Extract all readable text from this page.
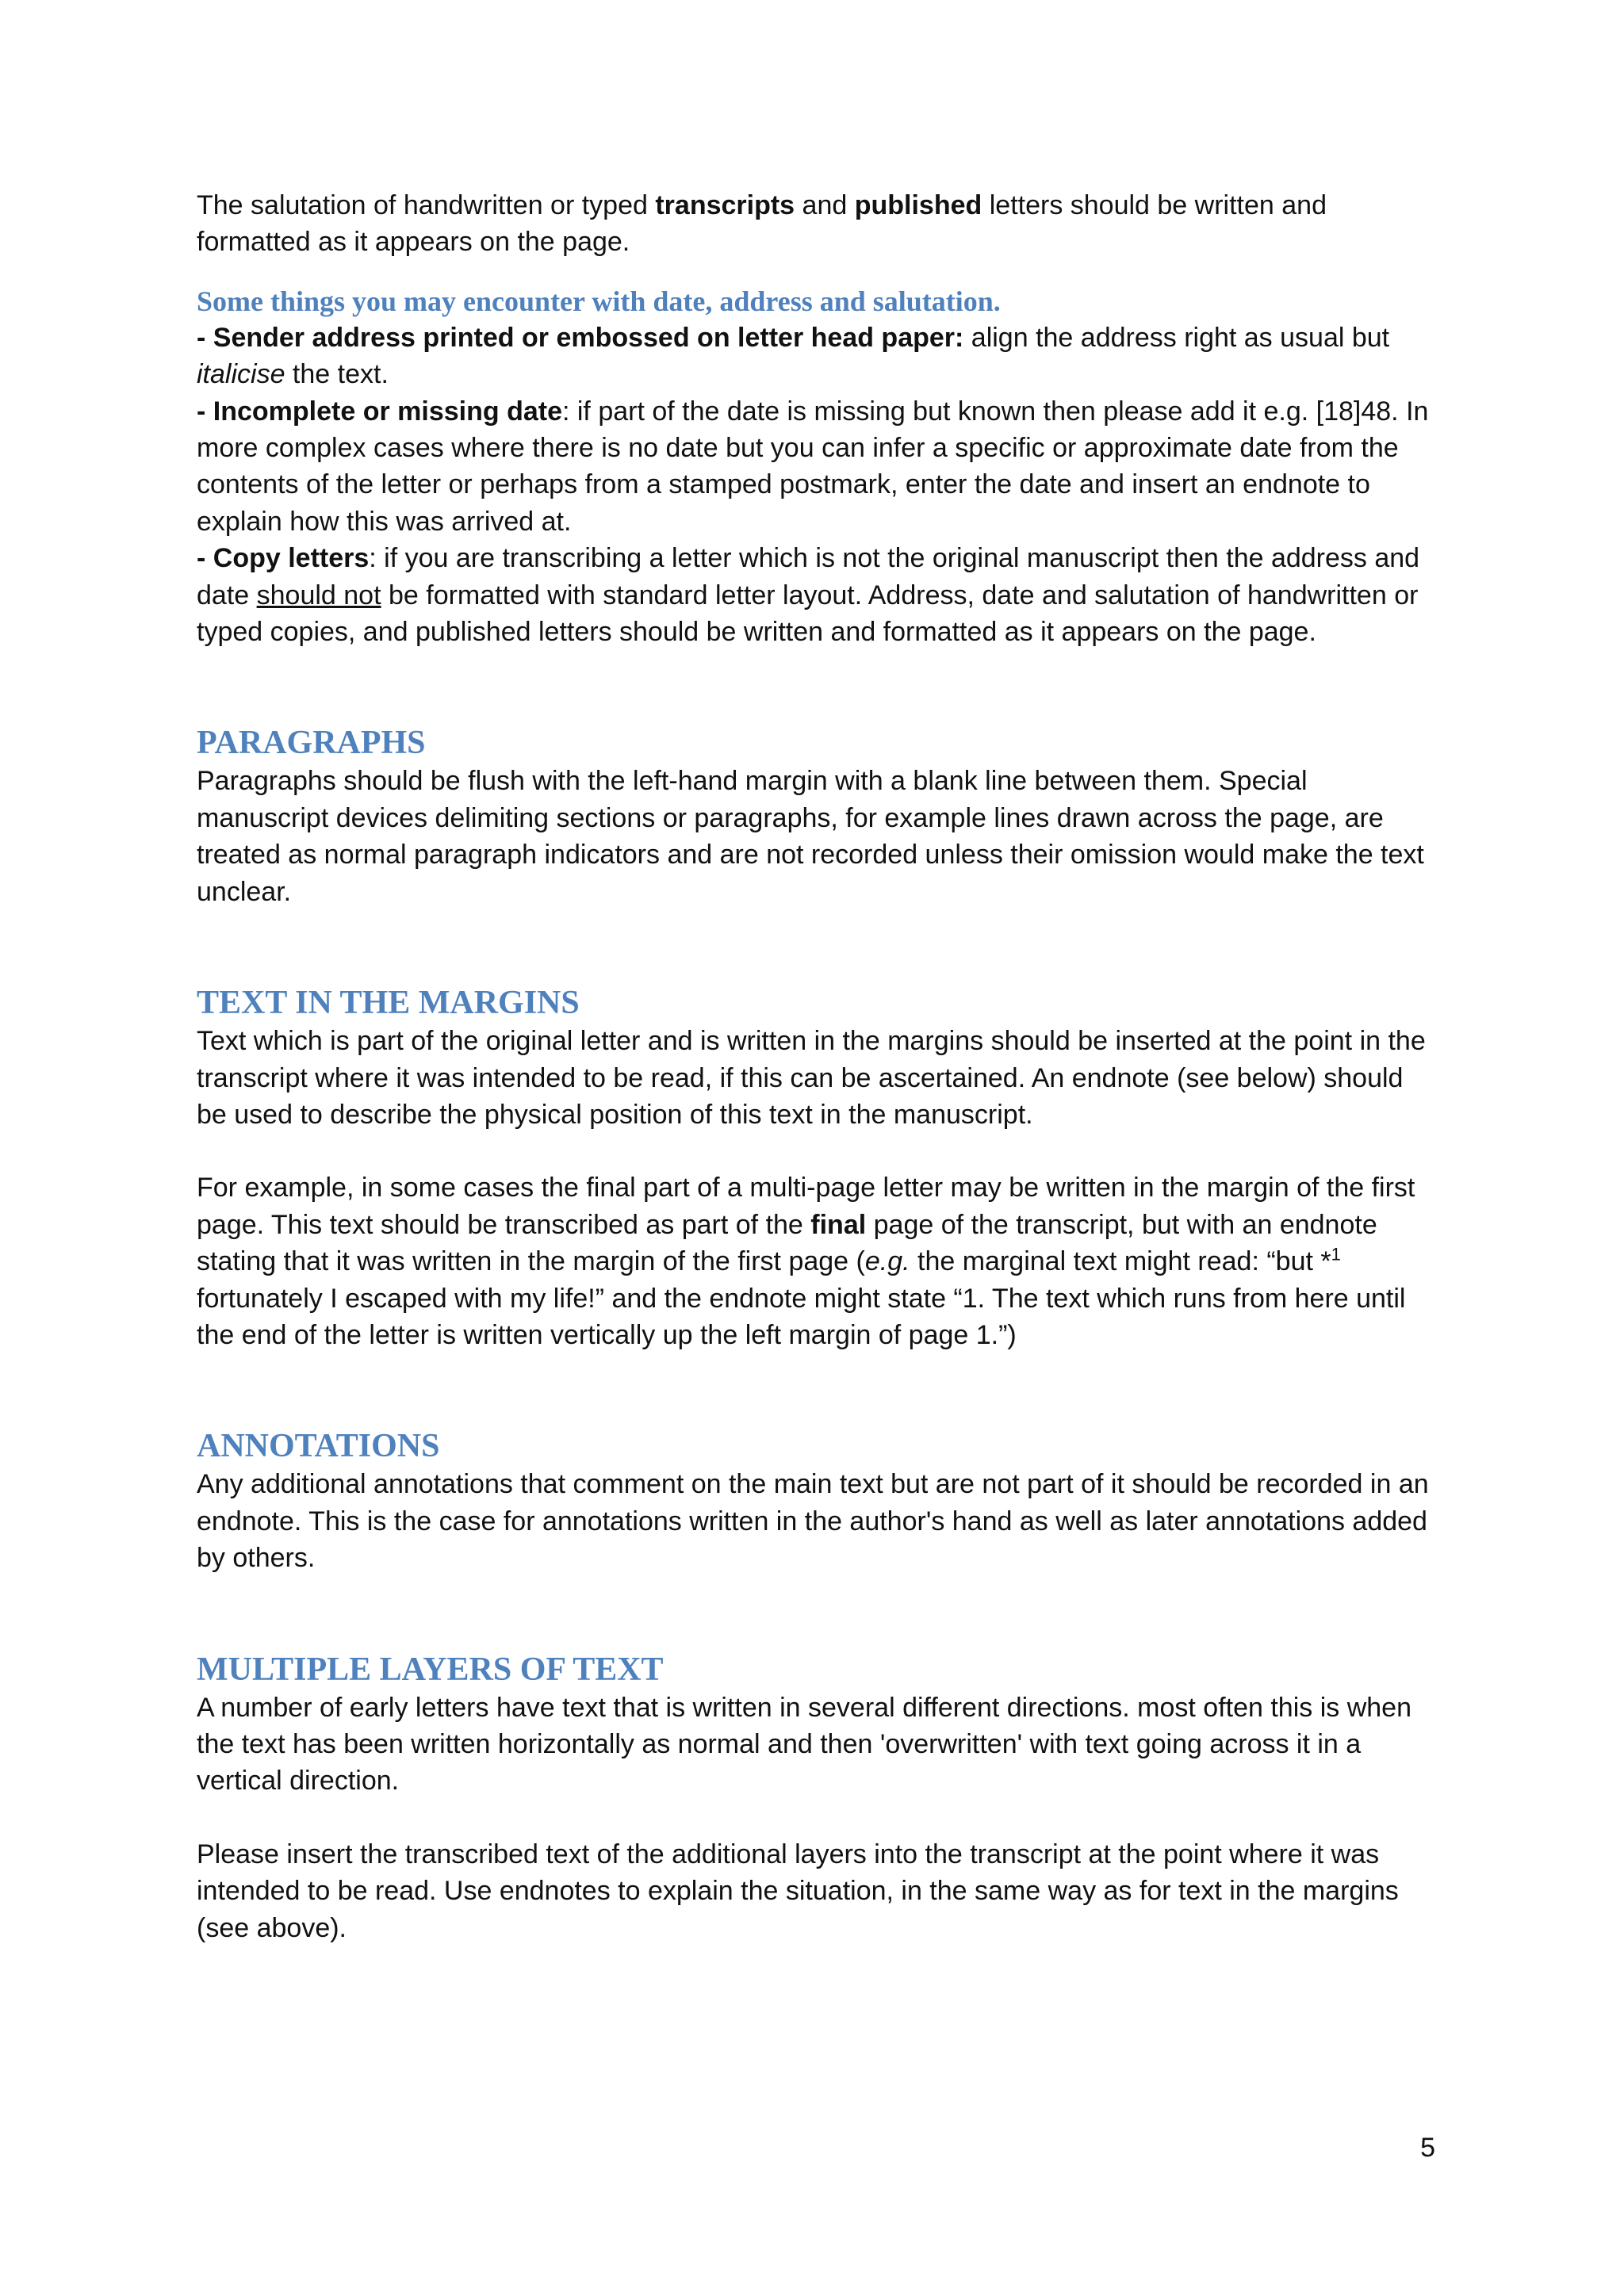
The salutation of handwritten or typed transcripts and published letters should be written and formatted as it appears on the page.

Some things you may encounter with date, address and salutation.

- Sender address printed or embossed on letter head paper: align the address right as usual but italicise the text.

- Incomplete or missing date: if part of the date is missing but known then please add it e.g. [18]48. In more complex cases where there is no date but you can infer a specific or approximate date from the contents of the letter or perhaps from a stamped postmark, enter the date and insert an endnote to explain how this was arrived at.

- Copy letters: if you are transcribing a letter which is not the original manuscript then the address and date should not be formatted with standard letter layout. Address, date and salutation of handwritten or typed copies, and published letters should be written and formatted as it appears on the page.

PARAGRAPHS

Paragraphs should be flush with the left-hand margin with a blank line between them. Special manuscript devices delimiting sections or paragraphs, for example lines drawn across the page, are treated as normal paragraph indicators and are not recorded unless their omission would make the text unclear.

TEXT IN THE MARGINS

Text which is part of the original letter and is written in the margins should be inserted at the point in the transcript where it was intended to be read, if this can be ascertained. An endnote (see below) should be used to describe the physical position of this text in the manuscript.

For example, in some cases the final part of a multi-page letter may be written in the margin of the first page. This text should be transcribed as part of the final page of the transcript, but with an endnote stating that it was written in the margin of the first page (e.g. the marginal text might read: “but *$^1$ fortunately I escaped with my life!” and the endnote might state “1. The text which runs from here until the end of the letter is written vertically up the left margin of page 1.”)

ANNOTATIONS

Any additional annotations that comment on the main text but are not part of it should be recorded in an endnote. This is the case for annotations written in the author's hand as well as later annotations added by others.

MULTIPLE LAYERS OF TEXT

A number of early letters have text that is written in several different directions. most often this is when the text has been written horizontally as normal and then 'overwritten' with text going across it in a vertical direction.

Please insert the transcribed text of the additional layers into the transcript at the point where it was intended to be read. Use endnotes to explain the situation, in the same way as for text in the margins (see above).

5
